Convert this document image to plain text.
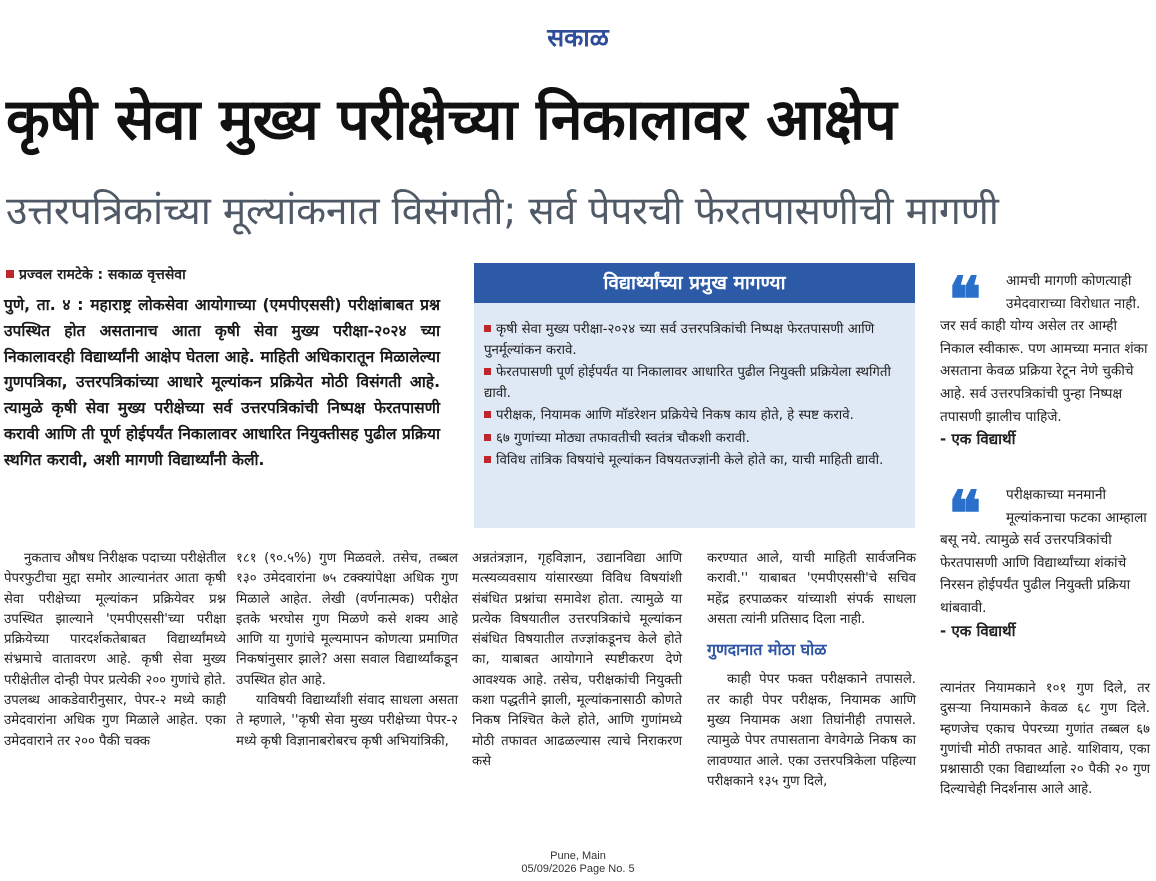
सकाळ
कृषी सेवा मुख्य परीक्षेच्या निकालावर आक्षेप
उत्तरपत्रिकांच्या मूल्यांकनात विसंगती; सर्व पेपरची फेरतपासणीची मागणी
प्रज्वल रामटेके : सकाळ वृत्तसेवा
पुणे, ता. ४ : महाराष्ट्र लोकसेवा आयोगाच्या (एमपीएससी) परीक्षांबाबत प्रश्न उपस्थित होत असतानाच आता कृषी सेवा मुख्य परीक्षा-२०२४ च्या निकालावरही विद्यार्थ्यांनी आक्षेप घेतला आहे. माहिती अधिकारातून मिळालेल्या गुणपत्रिका, उत्तरपत्रिकांच्या आधारे मूल्यांकन प्रक्रियेत मोठी विसंगती आहे. त्यामुळे कृषी सेवा मुख्य परीक्षेच्या सर्व उत्तरपत्रिकांची निष्पक्ष फेरतपासणी करावी आणि ती पूर्ण होईपर्यंत निकालावर आधारित नियुक्तीसह पुढील प्रक्रिया स्थगित करावी, अशी मागणी विद्यार्थ्यांनी केली.
विद्यार्थ्यांच्या प्रमुख मागण्या
कृषी सेवा मुख्य परीक्षा-२०२४ च्या सर्व उत्तरपत्रिकांची निष्पक्ष फेरतपासणी आणि पुनर्मूल्यांकन करावे.
फेरतपासणी पूर्ण होईपर्यंत या निकालावर आधारित पुढील नियुक्ती प्रक्रियेला स्थगिती द्यावी.
परीक्षक, नियामक आणि मॉडरेशन प्रक्रियेचे निकष काय होते, हे स्पष्ट करावे.
६७ गुणांच्या मोठ्या तफावतीची स्वतंत्र चौकशी करावी.
विविध तांत्रिक विषयांचे मूल्यांकन विषयतज्ज्ञांनी केले होते का, याची माहिती द्यावी.
❝	आमची मागणी कोणत्याही उमेदवाराच्या विरोधात नाही. जर सर्व काही योग्य असेल तर आम्ही निकाल स्वीकारू. पण आमच्या मनात शंका असताना केवळ प्रक्रिया रेटून नेणे चुकीचे आहे. सर्व उत्तरपत्रिकांची पुन्हा निष्पक्ष तपासणी झालीच पाहिजे.
- एक विद्यार्थी
❝	परीक्षकाच्या मनमानी मूल्यांकनाचा फटका आम्हाला बसू नये. त्यामुळे सर्व उत्तरपत्रिकांची फेरतपासणी आणि विद्यार्थ्यांच्या शंकांचे निरसन होईपर्यंत पुढील नियुक्ती प्रक्रिया थांबवावी.
- एक विद्यार्थी

नुकताच औषध निरीक्षक पदाच्या परीक्षेतील पेपरफुटीचा मुद्दा समोर आल्यानंतर आता कृषी सेवा परीक्षेच्या मूल्यांकन प्रक्रियेवर प्रश्न उपस्थित झाल्याने 'एमपीएससी'च्या परीक्षा प्रक्रियेच्या पारदर्शकतेबाबत विद्यार्थ्यांमध्ये संभ्रमाचे वातावरण आहे. कृषी सेवा मुख्य परीक्षेतील दोन्ही पेपर प्रत्येकी २०० गुणांचे होते. उपलब्ध आकडेवारीनुसार, पेपर-२ मध्ये काही उमेदवारांना अधिक गुण मिळाले आहेत. एका उमेदवाराने तर २०० पैकी चक्क

१८१ (९०.५%) गुण मिळवले. तसेच, तब्बल १३० उमेदवारांना ७५ टक्क्यांपेक्षा अधिक गुण मिळाले आहेत. लेखी (वर्णनात्मक) परीक्षेत इतके भरघोस गुण मिळणे कसे शक्य आहे आणि या गुणांचे मूल्यमापन कोणत्या प्रमाणित निकषांनुसार झाले? असा सवाल विद्यार्थ्यांकडून उपस्थित होत आहे.

याविषयी विद्यार्थ्यांशी संवाद साधला असता ते म्हणाले, ''कृषी सेवा मुख्य परीक्षेच्या पेपर-२ मध्ये कृषी विज्ञानाबरोबरच कृषी अभियांत्रिकी,

अन्नतंत्रज्ञान, गृहविज्ञान, उद्यानविद्या आणि मत्स्यव्यवसाय यांसारख्या विविध विषयांशी संबंधित प्रश्नांचा समावेश होता. त्यामुळे या प्रत्येक विषयातील उत्तरपत्रिकांचे मूल्यांकन संबंधित विषयातील तज्ज्ञांकडूनच केले होते का, याबाबत आयोगाने स्पष्टीकरण देणे आवश्यक आहे. तसेच, परीक्षकांची नियुक्ती कशा पद्धतीने झाली, मूल्यांकनासाठी कोणते निकष निश्चित केले होते, आणि गुणांमध्ये मोठी तफावत आढळल्यास त्याचे निराकरण कसे

करण्यात आले, याची माहिती सार्वजनिक करावी.'' याबाबत 'एमपीएससी'चे सचिव महेंद्र हरपाळकर यांच्याशी संपर्क साधला असता त्यांनी प्रतिसाद दिला नाही.

गुणदानात मोठा घोळ

काही पेपर फक्त परीक्षकाने तपासले. तर काही पेपर परीक्षक, नियामक आणि मुख्य नियामक अशा तिघांनीही तपासले. त्यामुळे पेपर तपासताना वेगवेगळे निकष का लावण्यात आले. एका उत्तरपत्रिकेला पहिल्या परीक्षकाने १३५ गुण दिले,

त्यानंतर नियामकाने १०१ गुण दिले, तर दुसऱ्या नियामकाने केवळ ६८ गुण दिले. म्हणजेच एकाच पेपरच्या गुणांत तब्बल ६७ गुणांची मोठी तफावत आहे. याशिवाय, एका प्रश्नासाठी एका विद्यार्थ्याला २० पैकी २० गुण दिल्याचेही निदर्शनास आले आहे.

Pune, Main
05/09/2026 Page No. 5
